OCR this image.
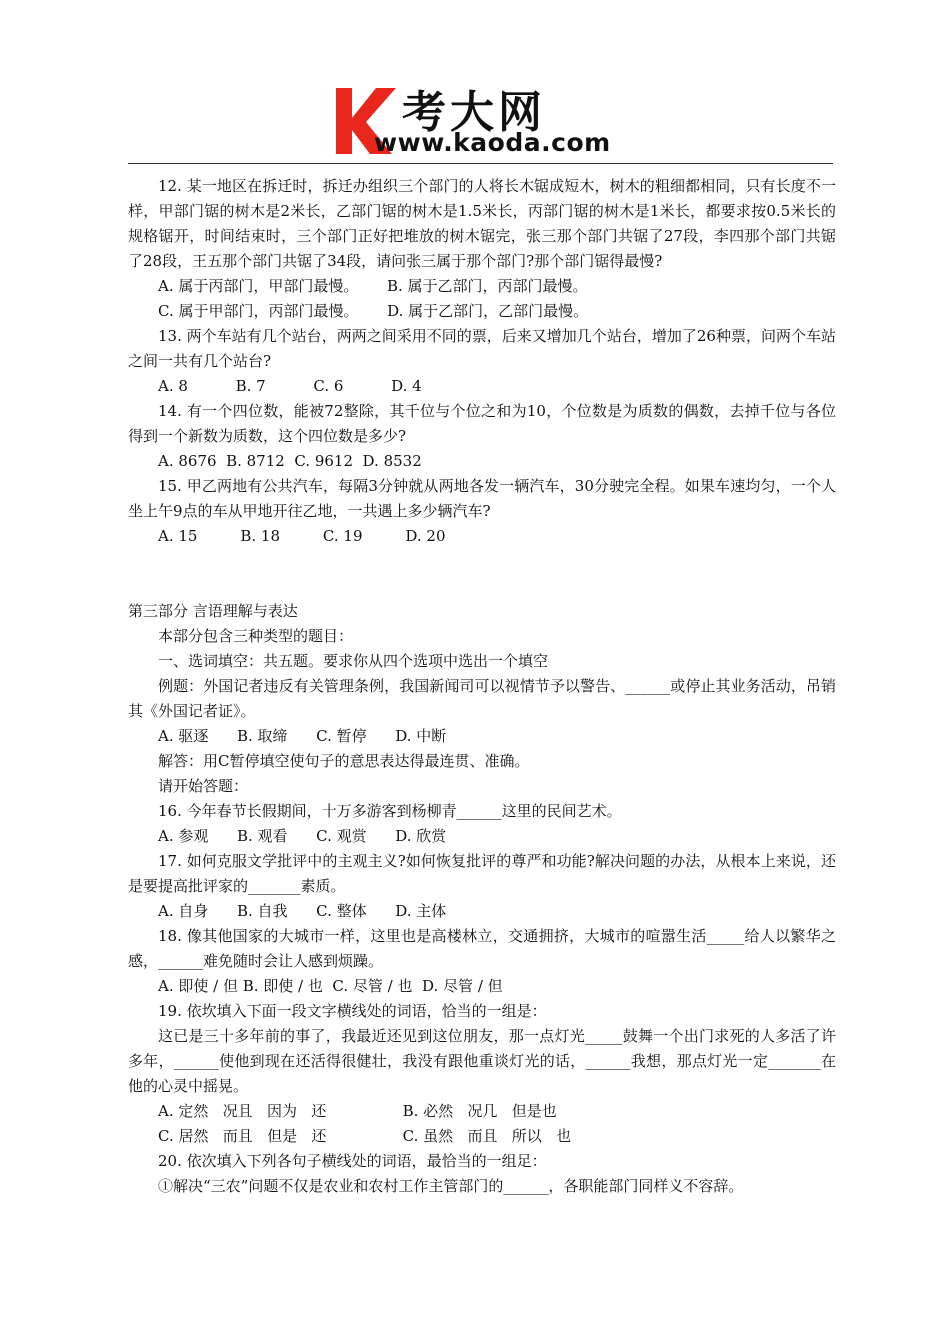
考大网
www.kaoda.com

12. 某一地区在拆迁时，拆迁办组织三个部门的人将长木锯成短木，树木的粗细都相同，只有长度不一样，甲部门锯的树木是2米长，乙部门锯的树木是1.5米长，丙部门锯的树木是1米长，都要求按0.5米长的规格锯开，时间结束时，三个部门正好把堆放的树木锯完，张三那个部门共锯了27段，李四那个部门共锯了28段，王五那个部门共锯了34段，请问张三属于那个部门?那个部门锯得最慢?

A. 属于丙部门，甲部门最慢。      B. 属于乙部门，丙部门最慢。

C. 属于甲部门，丙部门最慢。      D. 属于乙部门，乙部门最慢。

13. 两个车站有几个站台，两两之间采用不同的票，后来又增加几个站台，增加了26种票，问两个车站之间一共有几个站台?

A. 8          B. 7          C. 6          D. 4

14. 有一个四位数，能被72整除，其千位与个位之和为10，个位数是为质数的偶数，去掉千位与各位得到一个新数为质数，这个四位数是多少?

A. 8676  B. 8712  C. 9612  D. 8532

15. 甲乙两地有公共汽车，每隔3分钟就从两地各发一辆汽车，30分驶完全程。如果车速均匀，一个人坐上午9点的车从甲地开往乙地，一共遇上多少辆汽车?

A. 15         B. 18         C. 19         D. 20

第三部分 言语理解与表达

本部分包含三种类型的题目：

一、选词填空：共五题。要求你从四个选项中选出一个填空

例题：外国记者违反有关管理条例，我国新闻司可以视情节予以警告、______或停止其业务活动，吊销其《外国记者证》。

A. 驱逐      B. 取缔      C. 暂停      D. 中断

解答：用C暂停填空使句子的意思表达得最连贯、准确。

请开始答题：

16. 今年春节长假期间，十万多游客到杨柳青______这里的民间艺术。

A. 参观      B. 观看      C. 观赏      D. 欣赏

17. 如何克服文学批评中的主观主义?如何恢复批评的尊严和功能?解决问题的办法，从根本上来说，还是要提高批评家的_______素质。

A. 自身      B. 自我      C. 整体      D. 主体

18. 像其他国家的大城市一样，这里也是高楼林立，交通拥挤，大城市的喧嚣生活_____给人以繁华之感，______难免随时会让人感到烦躁。

A. 即使 / 但 B. 即使 / 也  C. 尽管 / 也  D. 尽管 / 但

19. 依坎填入下面一段文字横线处的词语，恰当的一组是：

这已是三十多年前的事了，我最近还见到这位朋友，那一点灯光_____鼓舞一个出门求死的人多活了许多年，______使他到现在还活得很健壮，我没有跟他重谈灯光的话，______我想，那点灯光一定_______在他的心灵中摇晃。

A. 定然   况且   因为   还                B. 必然   况几   但是也

C. 居然   而且   但是   还                C. 虽然   而且   所以   也

20. 依次填入下列各句子横线处的词语，最恰当的一组足：

①解决“三农”问题不仅是农业和农村工作主管部门的______，各职能部门同样义不容辞。
